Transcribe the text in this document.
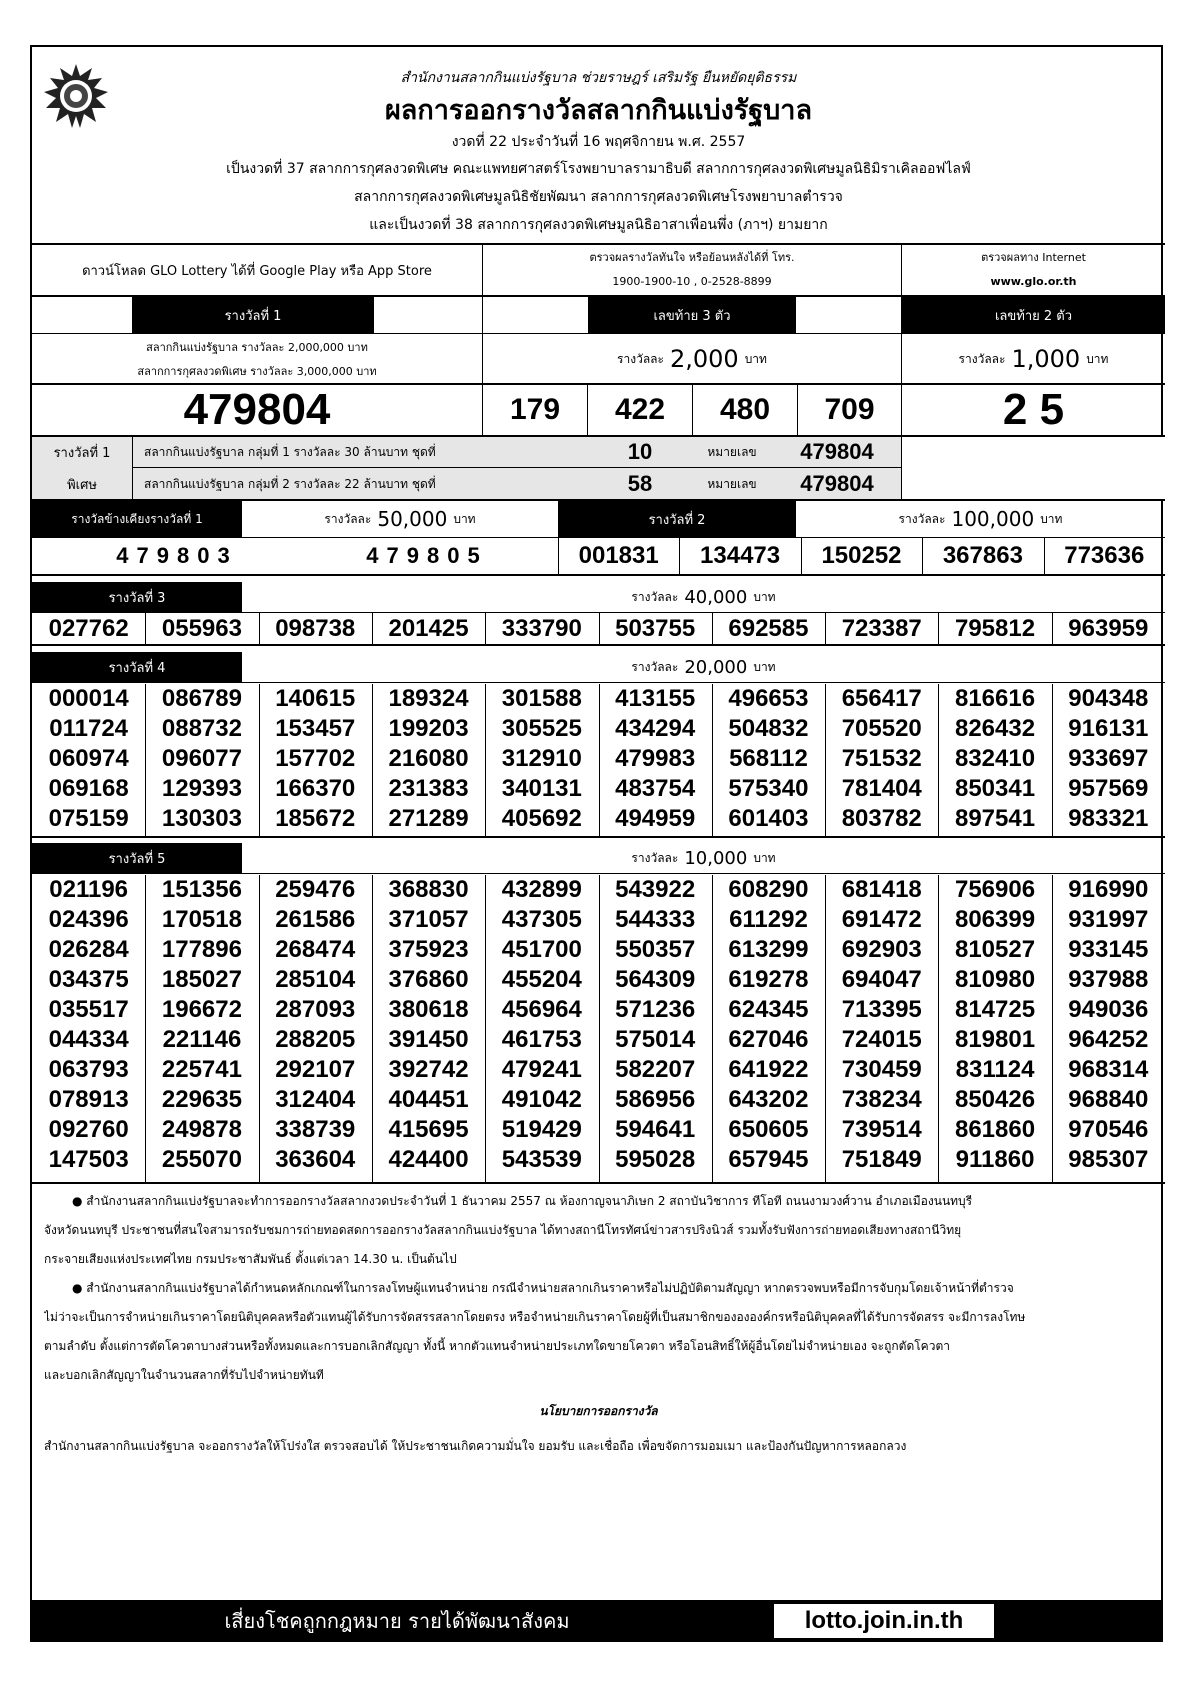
สำนักงานสลากกินแบ่งรัฐบาล ช่วยราษฎร์ เสริมรัฐ ยืนหยัดยุติธรรม
ผลการออกรางวัลสลากกินแบ่งรัฐบาล
งวดที่ 22 ประจำวันที่ 16 พฤศจิกายน พ.ศ. 2557
เป็นงวดที่ 37 สลากการกุศลงวดพิเศษ คณะแพทยศาสตร์โรงพยาบาลรามาธิบดี สลากการกุศลงวดพิเศษมูลนิธิมิราเคิลออฟไลฟ์
สลากการกุศลงวดพิเศษมูลนิธิชัยพัฒนา สลากการกุศลงวดพิเศษโรงพยาบาลตำรวจ
และเป็นงวดที่ 38 สลากการกุศลงวดพิเศษมูลนิธิอาสาเพื่อนพึ่ง (ภาฯ) ยามยาก
ดาวน์โหลด GLO Lottery ได้ที่ Google Play หรือ App Store
ตรวจผลรางวัลทันใจ หรือย้อนหลังได้ที่ โทร.
1900-1900-10 , 0-2528-8899
ตรวจผลทาง Internet
www.glo.or.th
รางวัลที่ 1	เลขท้าย 3 ตัว	เลขท้าย 2 ตัว
สลากกินแบ่งรัฐบาล รางวัลละ 2,000,000 บาท
สลากการกุศลงวดพิเศษ รางวัลละ 3,000,000 บาท
รางวัลละ 2,000 บาท	รางวัลละ 1,000 บาท
479804	179	422	480	709	2 5
รางวัลที่ 1
พิเศษ
สลากกินแบ่งรัฐบาล กลุ่มที่ 1 รางวัลละ 30 ล้านบาท ชุดที่	10	หมายเลข	479804
สลากกินแบ่งรัฐบาล กลุ่มที่ 2 รางวัลละ 22 ล้านบาท ชุดที่	58	หมายเลข	479804
รางวัลข้างเคียงรางวัลที่ 1	รางวัลละ 50,000 บาท	รางวัลที่ 2	รางวัลละ 100,000 บาท
479803	479805
รางวัลที่ 3	รางวัลละ 40,000 บาท
รางวัลที่ 4	รางวัลละ 20,000 บาท
รางวัลที่ 5	รางวัลละ 10,000 บาท
● สำนักงานสลากกินแบ่งรัฐบาลจะทำการออกรางวัลสลากงวดประจำวันที่ 1 ธันวาคม 2557 ณ ห้องกาญจนาภิเษก 2 สถาบันวิชาการ ทีโอที ถนนงามวงศ์วาน อำเภอเมืองนนทบุรี
จังหวัดนนทบุรี ประชาชนที่สนใจสามารถรับชมการถ่ายทอดสดการออกรางวัลสลากกินแบ่งรัฐบาล ได้ทางสถานีโทรทัศน์ข่าวสารปริงนิวส์ รวมทั้งรับฟังการถ่ายทอดเสียงทางสถานีวิทยุ
กระจายเสียงแห่งประเทศไทย กรมประชาสัมพันธ์ ตั้งแต่เวลา 14.30 น. เป็นต้นไป
● สำนักงานสลากกินแบ่งรัฐบาลได้กำหนดหลักเกณฑ์ในการลงโทษผู้แทนจำหน่าย กรณีจำหน่ายสลากเกินราคาหรือไม่ปฏิบัติตามสัญญา หากตรวจพบหรือมีการจับกุมโดยเจ้าหน้าที่ตำรวจ
ไม่ว่าจะเป็นการจำหน่ายเกินราคาโดยนิติบุคคลหรือตัวแทนผู้ได้รับการจัดสรรสลากโดยตรง หรือจำหน่ายเกินราคาโดยผู้ที่เป็นสมาชิกของององค์กรหรือนิติบุคคลที่ได้รับการจัดสรร จะมีการลงโทษ
ตามลำดับ ตั้งแต่การตัดโควตาบางส่วนหรือทั้งหมดและการบอกเลิกสัญญา ทั้งนี้ หากตัวแทนจำหน่ายประเภทใดขายโควตา หรือโอนสิทธิ์ให้ผู้อื่นโดยไม่จำหน่ายเอง จะถูกตัดโควตา
และบอกเลิกสัญญาในจำนวนสลากที่รับไปจำหน่ายทันที
นโยบายการออกรางวัล
สำนักงานสลากกินแบ่งรัฐบาล จะออกรางวัลให้โปร่งใส ตรวจสอบได้ ให้ประชาชนเกิดความมั่นใจ ยอมรับ และเชื่อถือ เพื่อขจัดการมอมเมา และป้องกันปัญหาการหลอกลวง
เสี่ยงโชคถูกกฎหมาย รายได้พัฒนาสังคม	lotto.join.in.th
001831	134473	150252	367863	773636
027762	055963	098738	201425	333790	503755	692585	723387	795812	963959
000014	086789	140615	189324	301588	413155	496653	656417	816616	904348
011724	088732	153457	199203	305525	434294	504832	705520	826432	916131
060974	096077	157702	216080	312910	479983	568112	751532	832410	933697
069168	129393	166370	231383	340131	483754	575340	781404	850341	957569
075159	130303	185672	271289	405692	494959	601403	803782	897541	983321
021196	151356	259476	368830	432899	543922	608290	681418	756906	916990
024396	170518	261586	371057	437305	544333	611292	691472	806399	931997
026284	177896	268474	375923	451700	550357	613299	692903	810527	933145
034375	185027	285104	376860	455204	564309	619278	694047	810980	937988
035517	196672	287093	380618	456964	571236	624345	713395	814725	949036
044334	221146	288205	391450	461753	575014	627046	724015	819801	964252
063793	225741	292107	392742	479241	582207	641922	730459	831124	968314
078913	229635	312404	404451	491042	586956	643202	738234	850426	968840
092760	249878	338739	415695	519429	594641	650605	739514	861860	970546
147503	255070	363604	424400	543539	595028	657945	751849	911860	985307
